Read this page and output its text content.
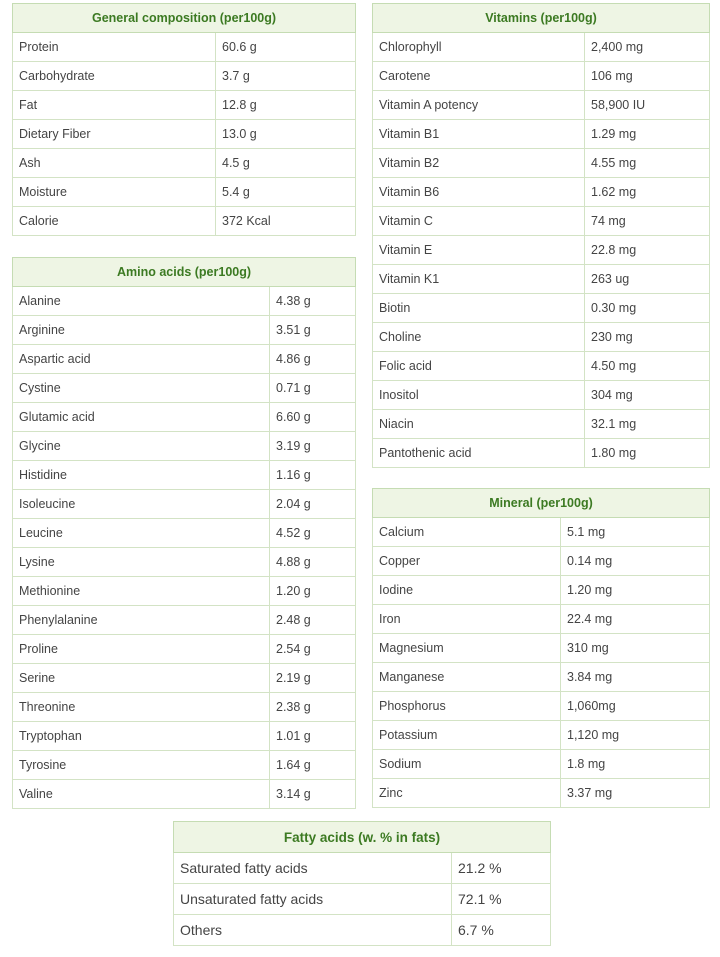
General composition (per100g)	
Protein	60.6 g
Carbohydrate	3.7 g
Fat	12.8 g
Dietary Fiber	13.0 g
Ash	4.5 g
Moisture	5.4 g
Calorie	372 Kcal
Amino acids (per100g)	
Alanine	4.38 g
Arginine	3.51 g
Aspartic acid	4.86 g
Cystine	0.71 g
Glutamic acid	6.60 g
Glycine	3.19 g
Histidine	1.16 g
Isoleucine	2.04 g
Leucine	4.52 g
Lysine	4.88 g
Methionine	1.20 g
Phenylalanine	2.48 g
Proline	2.54 g
Serine	2.19 g
Threonine	2.38 g
Tryptophan	1.01 g
Tyrosine	1.64 g
Valine	3.14 g
Vitamins (per100g)	
Chlorophyll	2,400 mg
Carotene	106 mg
Vitamin A potency	58,900 IU
Vitamin B1	1.29 mg
Vitamin B2	4.55 mg
Vitamin B6	1.62 mg
Vitamin C	74 mg
Vitamin E	22.8 mg
Vitamin K1	263 ug
Biotin	0.30 mg
Choline	230 mg
Folic acid	4.50 mg
Inositol	304 mg
Niacin	32.1 mg
Pantothenic acid	1.80 mg
Mineral (per100g)	
Calcium	5.1 mg
Copper	0.14 mg
Iodine	1.20 mg
Iron	22.4 mg
Magnesium	310 mg
Manganese	3.84 mg
Phosphorus	1,060mg
Potassium	1,120 mg
Sodium	1.8 mg
Zinc	3.37 mg
Fatty acids (w. % in fats)	
Saturated fatty acids	21.2 %
Unsaturated fatty acids	72.1 %
Others	6.7 %
